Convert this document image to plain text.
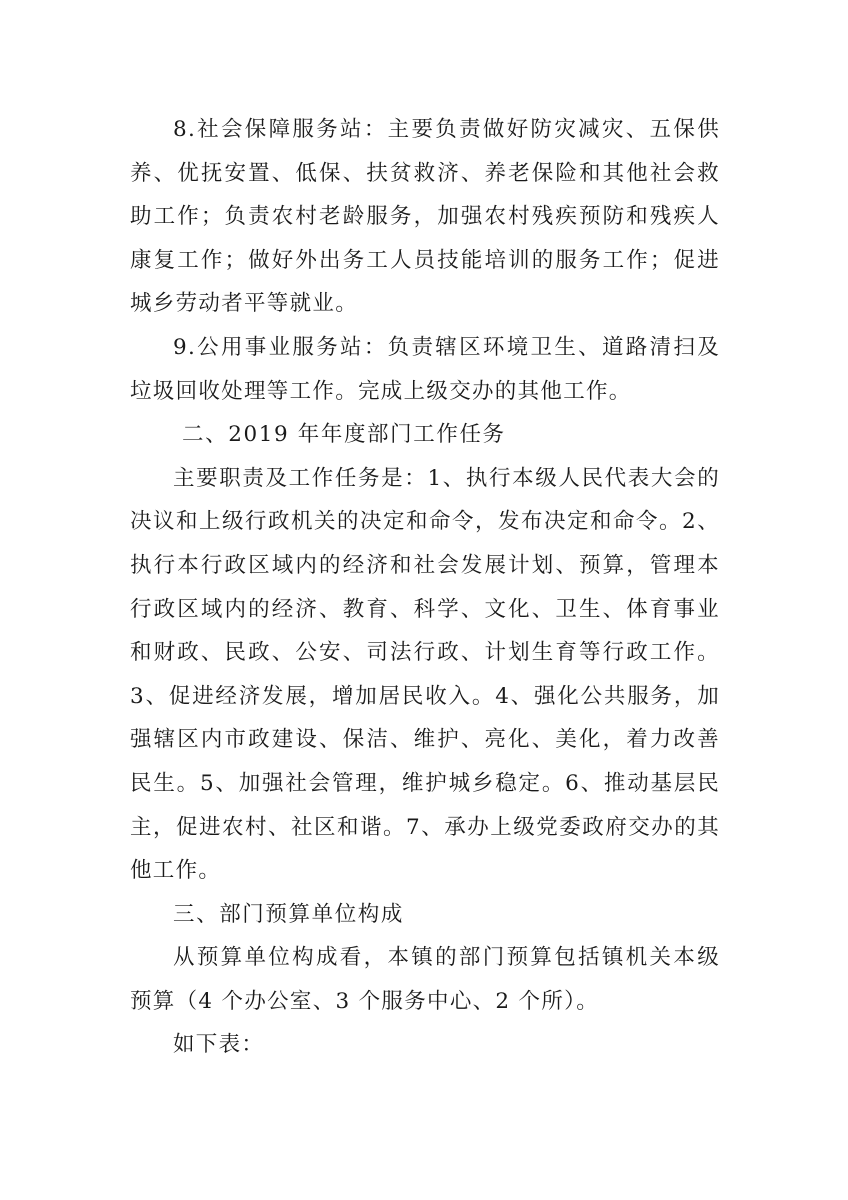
8.社会保障服务站：主要负责做好防灾减灾、五保供养、优抚安置、低保、扶贫救济、养老保险和其他社会救助工作；负责农村老龄服务，加强农村残疾预防和残疾人康复工作；做好外出务工人员技能培训的服务工作；促进城乡劳动者平等就业。

9.公用事业服务站：负责辖区环境卫生、道路清扫及垃圾回收处理等工作。完成上级交办的其他工作。

二、2019 年年度部门工作任务

主要职责及工作任务是：1、执行本级人民代表大会的决议和上级行政机关的决定和命令，发布决定和命令。2、执行本行政区域内的经济和社会发展计划、预算，管理本行政区域内的经济、教育、科学、文化、卫生、体育事业和财政、民政、公安、司法行政、计划生育等行政工作。 3、促进经济发展，增加居民收入。4、强化公共服务，加强辖区内市政建设、保洁、维护、亮化、美化，着力改善民生。5、加强社会管理，维护城乡稳定。6、推动基层民主，促进农村、社区和谐。7、承办上级党委政府交办的其他工作。

三、部门预算单位构成

从预算单位构成看，本镇的部门预算包括镇机关本级预算（4 个办公室、3 个服务中心、2 个所）。

如下表：
